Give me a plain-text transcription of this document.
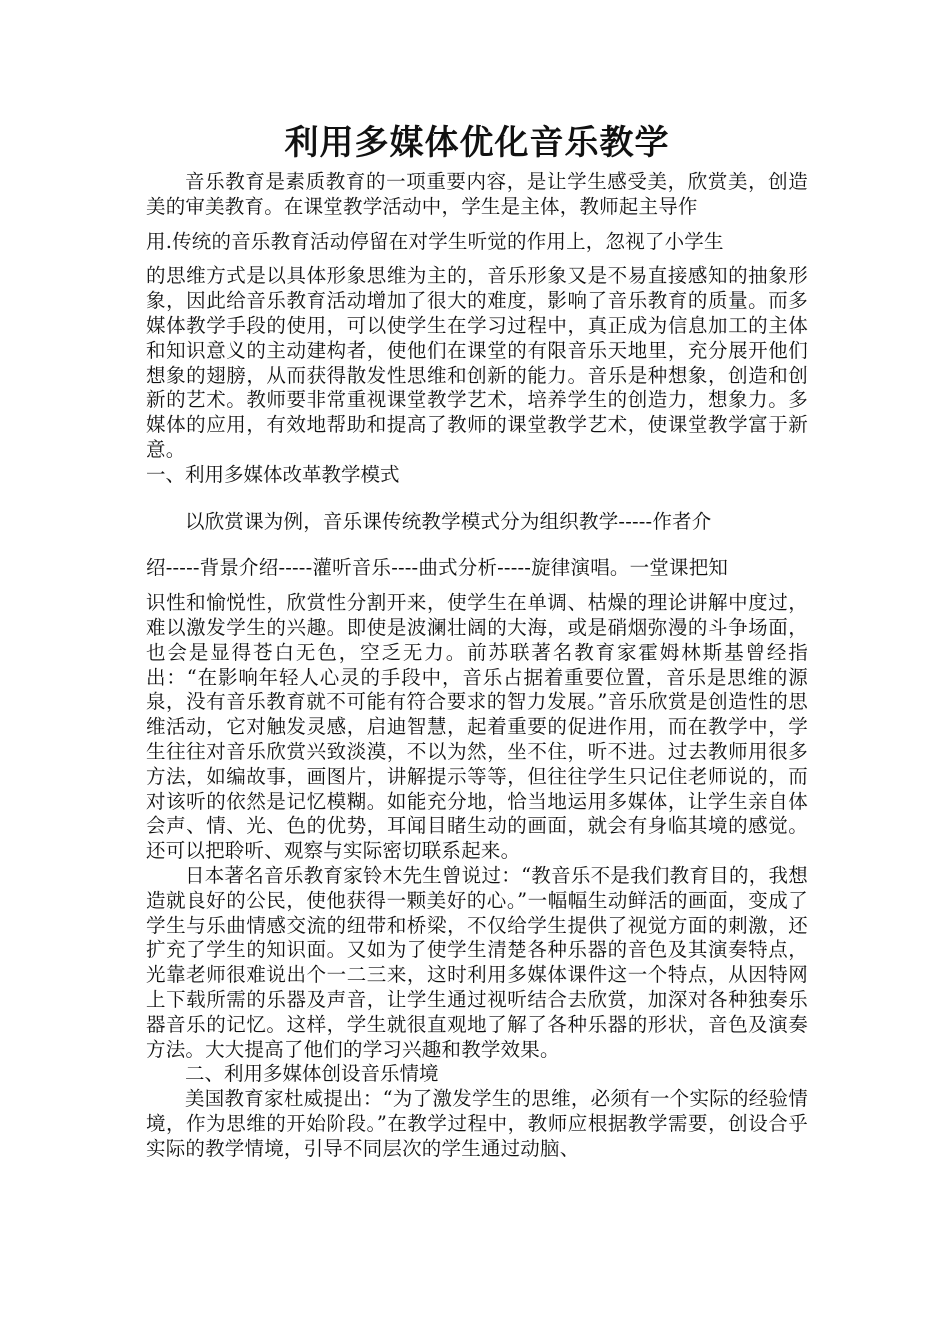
利用多媒体优化音乐教学

音乐教育是素质教育的一项重要内容，是让学生感受美，欣赏美，创造美的审美教育。在课堂教学活动中，学生是主体，教师起主导作

用.传统的音乐教育活动停留在对学生听觉的作用上，忽视了小学生

的思维方式是以具体形象思维为主的，音乐形象又是不易直接感知的抽象形象，因此给音乐教育活动增加了很大的难度，影响了音乐教育的质量。而多媒体教学手段的使用，可以使学生在学习过程中，真正成为信息加工的主体和知识意义的主动建构者，使他们在课堂的有限音乐天地里，充分展开他们想象的翅膀，从而获得散发性思维和创新的能力。音乐是种想象，创造和创新的艺术。教师要非常重视课堂教学艺术，培养学生的创造力，想象力。多媒体的应用，有效地帮助和提高了教师的课堂教学艺术，使课堂教学富于新意。

一、利用多媒体改革教学模式

以欣赏课为例，音乐课传统教学模式分为组织教学-----作者介

绍-----背景介绍-----灌听音乐----曲式分析-----旋律演唱。一堂课把知

识性和愉悦性，欣赏性分割开来，使学生在单调、枯燥的理论讲解中度过，难以激发学生的兴趣。即使是波澜壮阔的大海，或是硝烟弥漫的斗争场面，也会是显得苍白无色，空乏无力。前苏联著名教育家霍姆林斯基曾经指出：“在影响年轻人心灵的手段中，音乐占据着重要位置，音乐是思维的源泉，没有音乐教育就不可能有符合要求的智力发展。”音乐欣赏是创造性的思维活动，它对触发灵感，启迪智慧，起着重要的促进作用，而在教学中，学生往往对音乐欣赏兴致淡漠，不以为然，坐不住，听不进。过去教师用很多方法，如编故事，画图片，讲解提示等等，但往往学生只记住老师说的，而对该听的依然是记忆模糊。如能充分地，恰当地运用多媒体，让学生亲自体会声、情、光、色的优势，耳闻目睹生动的画面，就会有身临其境的感觉。还可以把聆听、观察与实际密切联系起来。

日本著名音乐教育家铃木先生曾说过：“教音乐不是我们教育目的，我想造就良好的公民，使他获得一颗美好的心。”一幅幅生动鲜活的画面，变成了学生与乐曲情感交流的纽带和桥梁，不仅给学生提供了视觉方面的刺激，还扩充了学生的知识面。又如为了使学生清楚各种乐器的音色及其演奏特点，光靠老师很难说出个一二三来，这时利用多媒体课件这一个特点，从因特网上下载所需的乐器及声音，让学生通过视听结合去欣赏，加深对各种独奏乐器音乐的记忆。这样，学生就很直观地了解了各种乐器的形状，音色及演奏方法。大大提高了他们的学习兴趣和教学效果。

二、利用多媒体创设音乐情境

美国教育家杜威提出：“为了激发学生的思维，必须有一个实际的经验情境，作为思维的开始阶段。”在教学过程中，教师应根据教学需要，创设合乎实际的教学情境，引导不同层次的学生通过动脑、
